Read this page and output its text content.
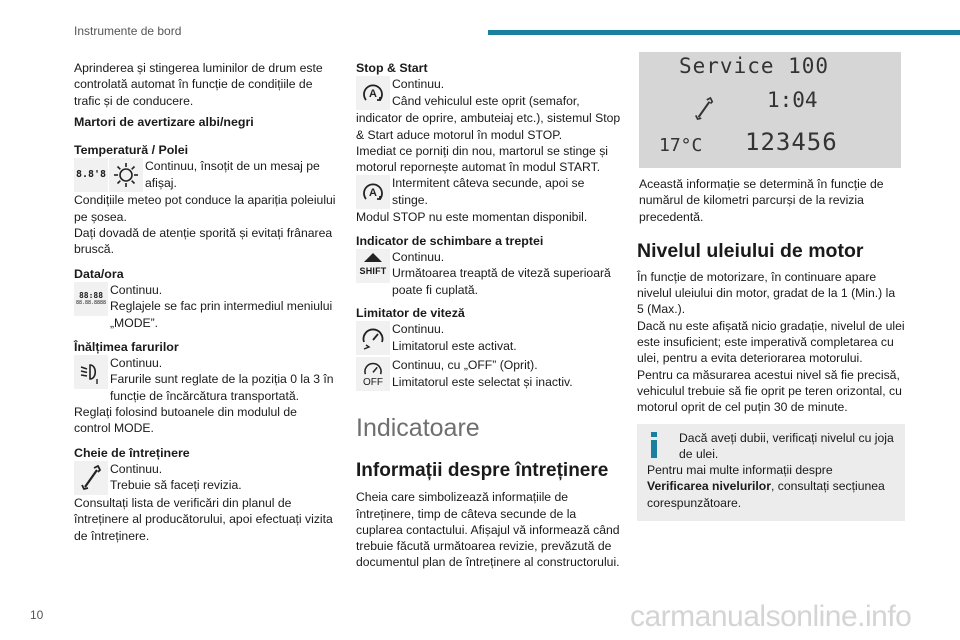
Instrumente de bord

Aprinderea și stingerea luminilor de drum este controlată automat în funcție de condițiile de trafic și de conducere.

Martori de avertizare albi/negri

Temperatură / Polei

8.8'8

Continuu, însoțit de un mesaj pe afișaj.

Condițiile meteo pot conduce la apariția poleiului pe șosea.

Dați dovadă de atenție sporită și evitați frânarea bruscă.

Data/ora

88:88
88.88.8888

Continuu.

Reglajele se fac prin intermediul meniului „MODE”.

Înălțimea farurilor

Continuu.

Farurile sunt reglate de la poziția 0 la 3 în funcție de încărcătura transportată.

Reglați folosind butoanele din modulul de control MODE.

Cheie de întreținere

Continuu.

Trebuie să faceți revizia.

Consultați lista de verificări din planul de întreținere al producătorului, apoi efectuați vizita de întreținere.

Stop & Start

A

Continuu.

Când vehiculul este oprit (semafor,

indicator de oprire, ambuteiaj etc.), sistemul Stop & Start aduce motorul în modul STOP.

Imediat ce porniți din nou, martorul se stinge și motorul repornește automat în modul START.

A

Intermitent câteva secunde, apoi se stinge.

Modul STOP nu este momentan disponibil.

Indicator de schimbare a treptei

SHIFT

Continuu.

Următoarea treaptă de viteză superioară poate fi cuplată.

Limitator de viteză

Continuu.

Limitatorul este activat.

OFF

Continuu, cu „OFF” (Oprit).

Limitatorul este selectat și inactiv.

Indicatoare

Informații despre întreținere

Cheia care simbolizează informațiile de întreținere, timp de câteva secunde de la cuplarea contactului. Afișajul vă informează când trebuie făcută următoarea revizie, prevăzută de documentul plan de întreținere al constructorului.

Service 100
1:04
17°C 123456

Această informație se determină în funcție de numărul de kilometri parcurși de la revizia precedentă.

Nivelul uleiului de motor

În funcție de motorizare, în continuare apare nivelul uleiului din motor, gradat de la 1 (Min.) la 5 (Max.).

Dacă nu este afișată nicio gradație, nivelul de ulei este insuficient; este imperativă completarea cu ulei, pentru a evita deteriorarea motorului.

Pentru ca măsurarea acestui nivel să fie precisă, vehiculul trebuie să fie oprit pe teren orizontal, cu motorul oprit de cel puțin 30 de minute.

Dacă aveți dubii, verificați nivelul cu joja de ulei.

Pentru mai multe informații despre

Verificarea nivelurilor, consultați secțiunea corespunzătoare.

10	carmanualsonline.info
